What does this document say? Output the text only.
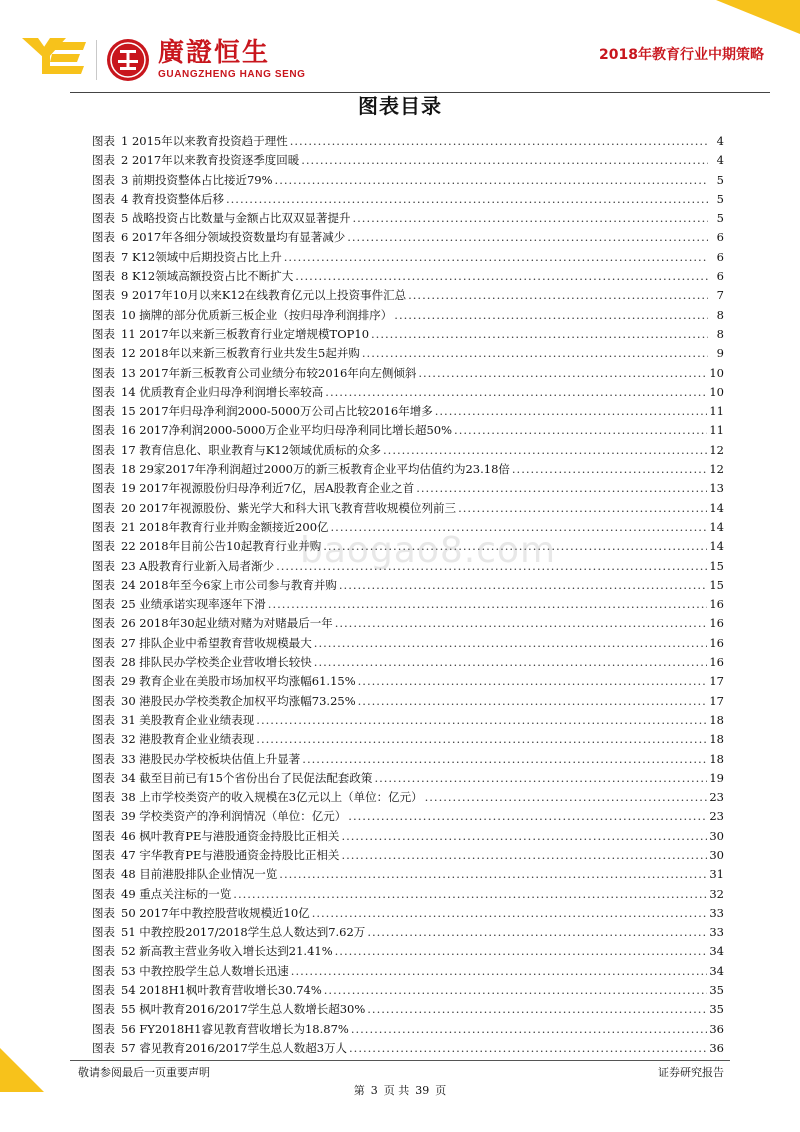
廣證恒生
GUANGZHENG HANG SENG
2018年教育行业中期策略
图表目录
图表 1 2015年以来教育投资趋于理性 .....	4
图表 2 2017年以来教育投资逐季度回暖 .....	4
图表 3 前期投资整体占比接近79% .....	5
图表 4 教育投资整体后移 .....	5
图表 5 战略投资占比数量与金额占比双双显著提升 .....	5
图表 6 2017年各细分领域投资数量均有显著减少 .....	6
图表 7 K12领域中后期投资占比上升 .....	6
图表 8 K12领域高额投资占比不断扩大 .....	6
图表 9 2017年10月以来K12在线教育亿元以上投资事件汇总 .....	7
图表 10 摘牌的部分优质新三板企业（按归母净利润排序） .....	8
图表 11 2017年以来新三板教育行业定增规模TOP10 .....	8
图表 12 2018年以来新三板教育行业共发生5起并购 .....	9
图表 13 2017年新三板教育公司业绩分布较2016年向左侧倾斜 .....	10
图表 14 优质教育企业归母净利润增长率较高 .....	10
图表 15 2017年归母净利润2000-5000万公司占比较2016年增多 .....	11
图表 16 2017净利润2000-5000万企业平均归母净利同比增长超50% .....	11
图表 17 教育信息化、职业教育与K12领域优质标的众多 .....	12
图表 18 29家2017年净利润超过2000万的新三板教育企业平均估值约为23.18倍 .....	12
图表 19 2017年视源股份归母净利近7亿，居A股教育企业之首 .....	13
图表 20 2017年视源股份、紫光学大和科大讯飞教育营收规模位列前三 .....	14
图表 21 2018年教育行业并购金额接近200亿 .....	14
图表 22 2018年目前公告10起教育行业并购 .....	14
图表 23 A股教育行业新入局者渐少 .....	15
图表 24 2018年至今6家上市公司参与教育并购 .....	15
图表 25 业绩承诺实现率逐年下滑 .....	16
图表 26 2018年30起业绩对赌为对赌最后一年 .....	16
图表 27 排队企业中希望教育营收规模最大 .....	16
图表 28 排队民办学校类企业营收增长较快 .....	16
图表 29 教育企业在美股市场加权平均涨幅61.15% .....	17
图表 30 港股民办学校类教企加权平均涨幅73.25% .....	17
图表 31 美股教育企业业绩表现 .....	18
图表 32 港股教育企业业绩表现 .....	18
图表 33 港股民办学校板块估值上升显著 .....	18
图表 34 截至目前已有15个省份出台了民促法配套政策 .....	19
图表 38 上市学校类资产的收入规模在3亿元以上（单位：亿元） .....	23
图表 39 学校类资产的净利润情况（单位：亿元） .....	23
图表 46 枫叶教育PE与港股通资金持股比正相关 .....	30
图表 47 宇华教育PE与港股通资金持股比正相关 .....	30
图表 48 目前港股排队企业情况一览 .....	31
图表 49 重点关注标的一览 .....	32
图表 50 2017年中教控股营收规模近10亿 .....	33
图表 51 中教控股2017/2018学生总人数达到7.62万 .....	33
图表 52 新高教主营业务收入增长达到21.41% .....	34
图表 53 中教控股学生总人数增长迅速 .....	34
图表 54 2018H1枫叶教育营收增长30.74% .....	35
图表 55 枫叶教育2016/2017学生总人数增长超30% .....	35
图表 56 FY2018H1睿见教育营收增长为18.87% .....	36
图表 57 睿见教育2016/2017学生总人数超3万人 .....	36
baogao8.com
敬请参阅最后一页重要声明	证券研究报告
第 3 页 共 39 页
